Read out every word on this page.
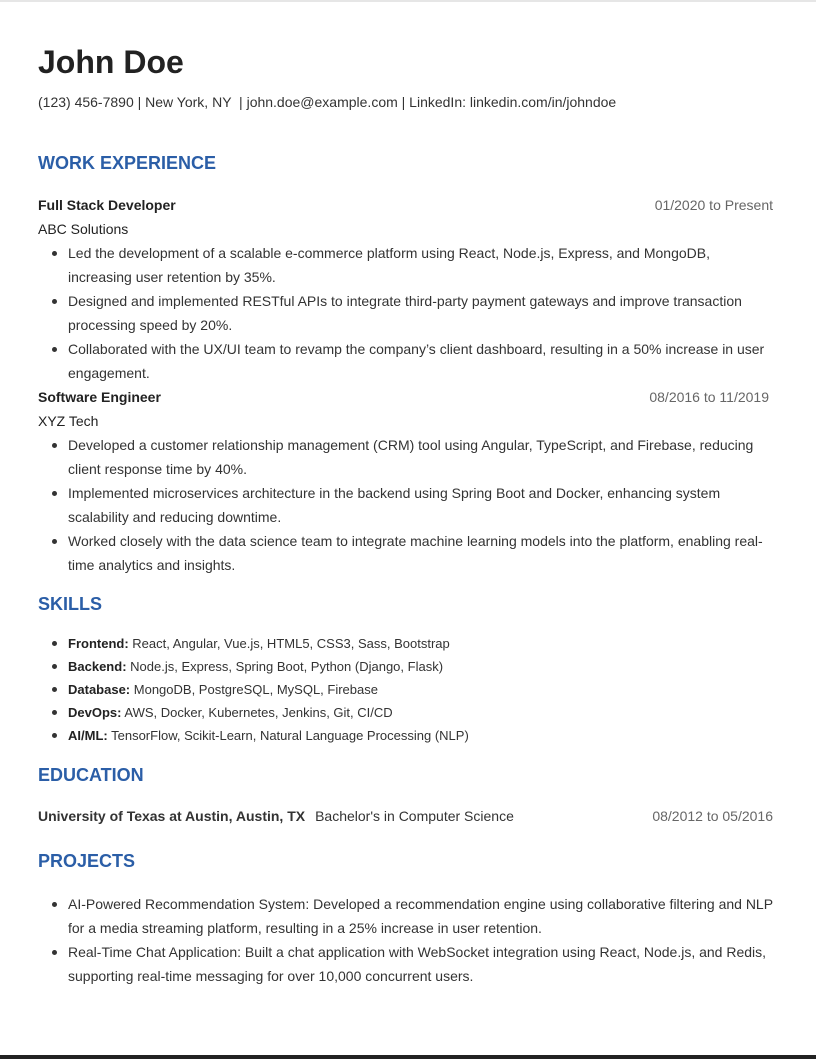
John Doe
(123) 456-7890 | New York, NY  | john.doe@example.com | LinkedIn: linkedin.com/in/johndoe
WORK EXPERIENCE
Full Stack Developer	01/2020 to Present
ABC Solutions
Led the development of a scalable e-commerce platform using React, Node.js, Express, and MongoDB, increasing user retention by 35%.
Designed and implemented RESTful APIs to integrate third-party payment gateways and improve transaction processing speed by 20%.
Collaborated with the UX/UI team to revamp the company’s client dashboard, resulting in a 50% increase in user engagement.
Software Engineer	08/2016 to 11/2019
XYZ Tech
Developed a customer relationship management (CRM) tool using Angular, TypeScript, and Firebase, reducing client response time by 40%.
Implemented microservices architecture in the backend using Spring Boot and Docker, enhancing system scalability and reducing downtime.
Worked closely with the data science team to integrate machine learning models into the platform, enabling real-time analytics and insights.
SKILLS
Frontend: React, Angular, Vue.js, HTML5, CSS3, Sass, Bootstrap
Backend: Node.js, Express, Spring Boot, Python (Django, Flask)
Database: MongoDB, PostgreSQL, MySQL, Firebase
DevOps: AWS, Docker, Kubernetes, Jenkins, Git, CI/CD
AI/ML: TensorFlow, Scikit-Learn, Natural Language Processing (NLP)
EDUCATION
University of Texas at Austin, Austin, TX Bachelor's in Computer Science	08/2012 to 05/2016
PROJECTS
AI-Powered Recommendation System: Developed a recommendation engine using collaborative filtering and NLP for a media streaming platform, resulting in a 25% increase in user retention.
Real-Time Chat Application: Built a chat application with WebSocket integration using React, Node.js, and Redis, supporting real-time messaging for over 10,000 concurrent users.
